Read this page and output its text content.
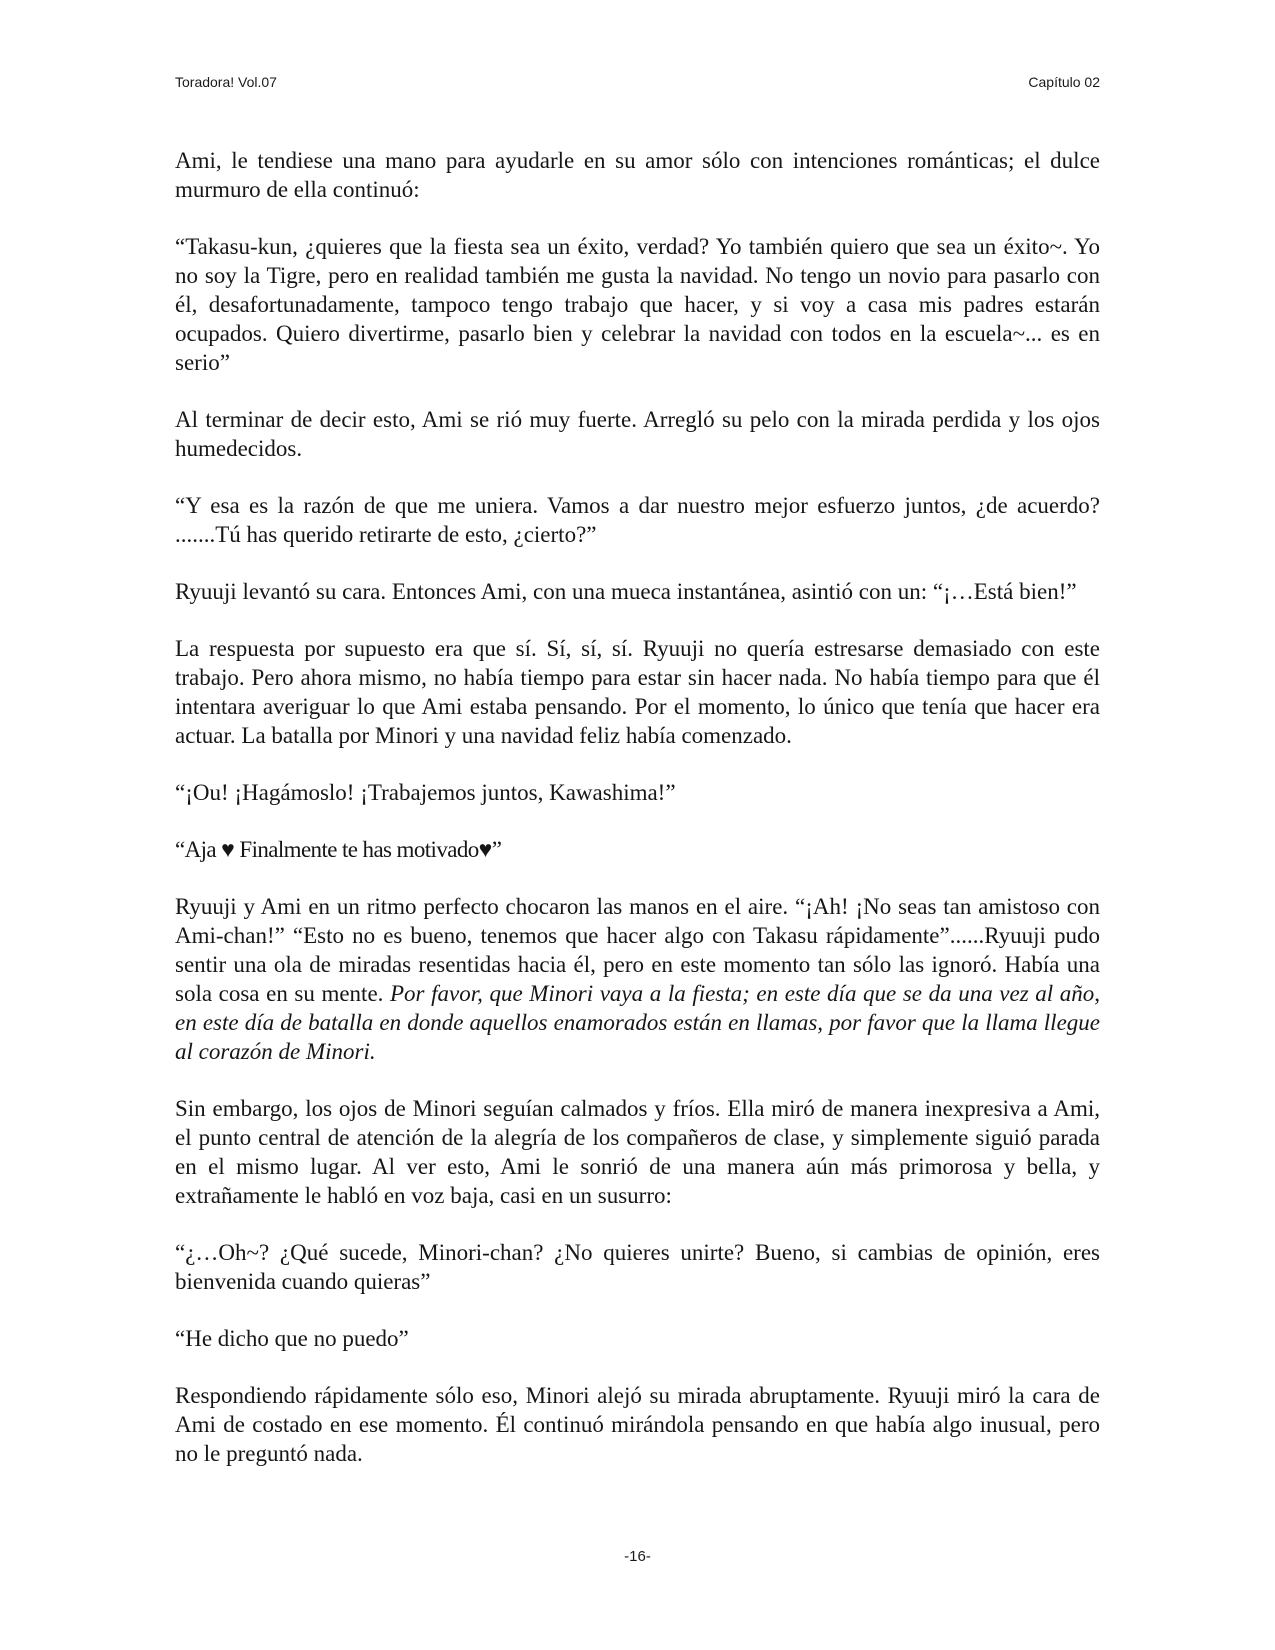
Toradora! Vol.07	Capítulo 02

Ami, le tendiese una mano para ayudarle en su amor sólo con intenciones románticas; el dulce murmuro de ella continuó:

“Takasu-kun, ¿quieres que la fiesta sea un éxito, verdad? Yo también quiero que sea un éxito~. Yo no soy la Tigre, pero en realidad también me gusta la navidad. No tengo un novio para pasarlo con él, desafortunadamente, tampoco tengo trabajo que hacer, y si voy a casa mis padres estarán ocupados. Quiero divertirme, pasarlo bien y celebrar la navidad con todos en la escuela~... es en serio”

Al terminar de decir esto, Ami se rió muy fuerte. Arregló su pelo con la mirada perdida y los ojos humedecidos.

“Y esa es la razón de que me uniera. Vamos a dar nuestro mejor esfuerzo juntos, ¿de acuerdo? .......Tú has querido retirarte de esto, ¿cierto?”

Ryuuji levantó su cara. Entonces Ami, con una mueca instantánea, asintió con un: “¡…Está bien!”

La respuesta por supuesto era que sí. Sí, sí, sí. Ryuuji no quería estresarse demasiado con este trabajo. Pero ahora mismo, no había tiempo para estar sin hacer nada. No había tiempo para que él intentara averiguar lo que Ami estaba pensando. Por el momento, lo único que tenía que hacer era actuar. La batalla por Minori y una navidad feliz había comenzado.

“¡Ou! ¡Hagámoslo! ¡Trabajemos juntos, Kawashima!”

“Aja ♥ Finalmente te has motivado♥”

Ryuuji y Ami en un ritmo perfecto chocaron las manos en el aire. “¡Ah! ¡No seas tan amistoso con Ami-chan!” “Esto no es bueno, tenemos que hacer algo con Takasu rápidamente”......Ryuuji pudo sentir una ola de miradas resentidas hacia él, pero en este momento tan sólo las ignoró. Había una sola cosa en su mente. Por favor, que Minori vaya a la fiesta; en este día que se da una vez al año, en este día de batalla en donde aquellos enamorados están en llamas, por favor que la llama llegue al corazón de Minori.

Sin embargo, los ojos de Minori seguían calmados y fríos. Ella miró de manera inexpresiva a Ami, el punto central de atención de la alegría de los compañeros de clase, y simplemente siguió parada en el mismo lugar. Al ver esto, Ami le sonrió de una manera aún más primorosa y bella, y extrañamente le habló en voz baja, casi en un susurro:

“¿…Oh~? ¿Qué sucede, Minori-chan? ¿No quieres unirte? Bueno, si cambias de opinión, eres bienvenida cuando quieras”

“He dicho que no puedo”

Respondiendo rápidamente sólo eso, Minori alejó su mirada abruptamente. Ryuuji miró la cara de Ami de costado en ese momento. Él continuó mirándola pensando en que había algo inusual, pero no le preguntó nada.

-16-
